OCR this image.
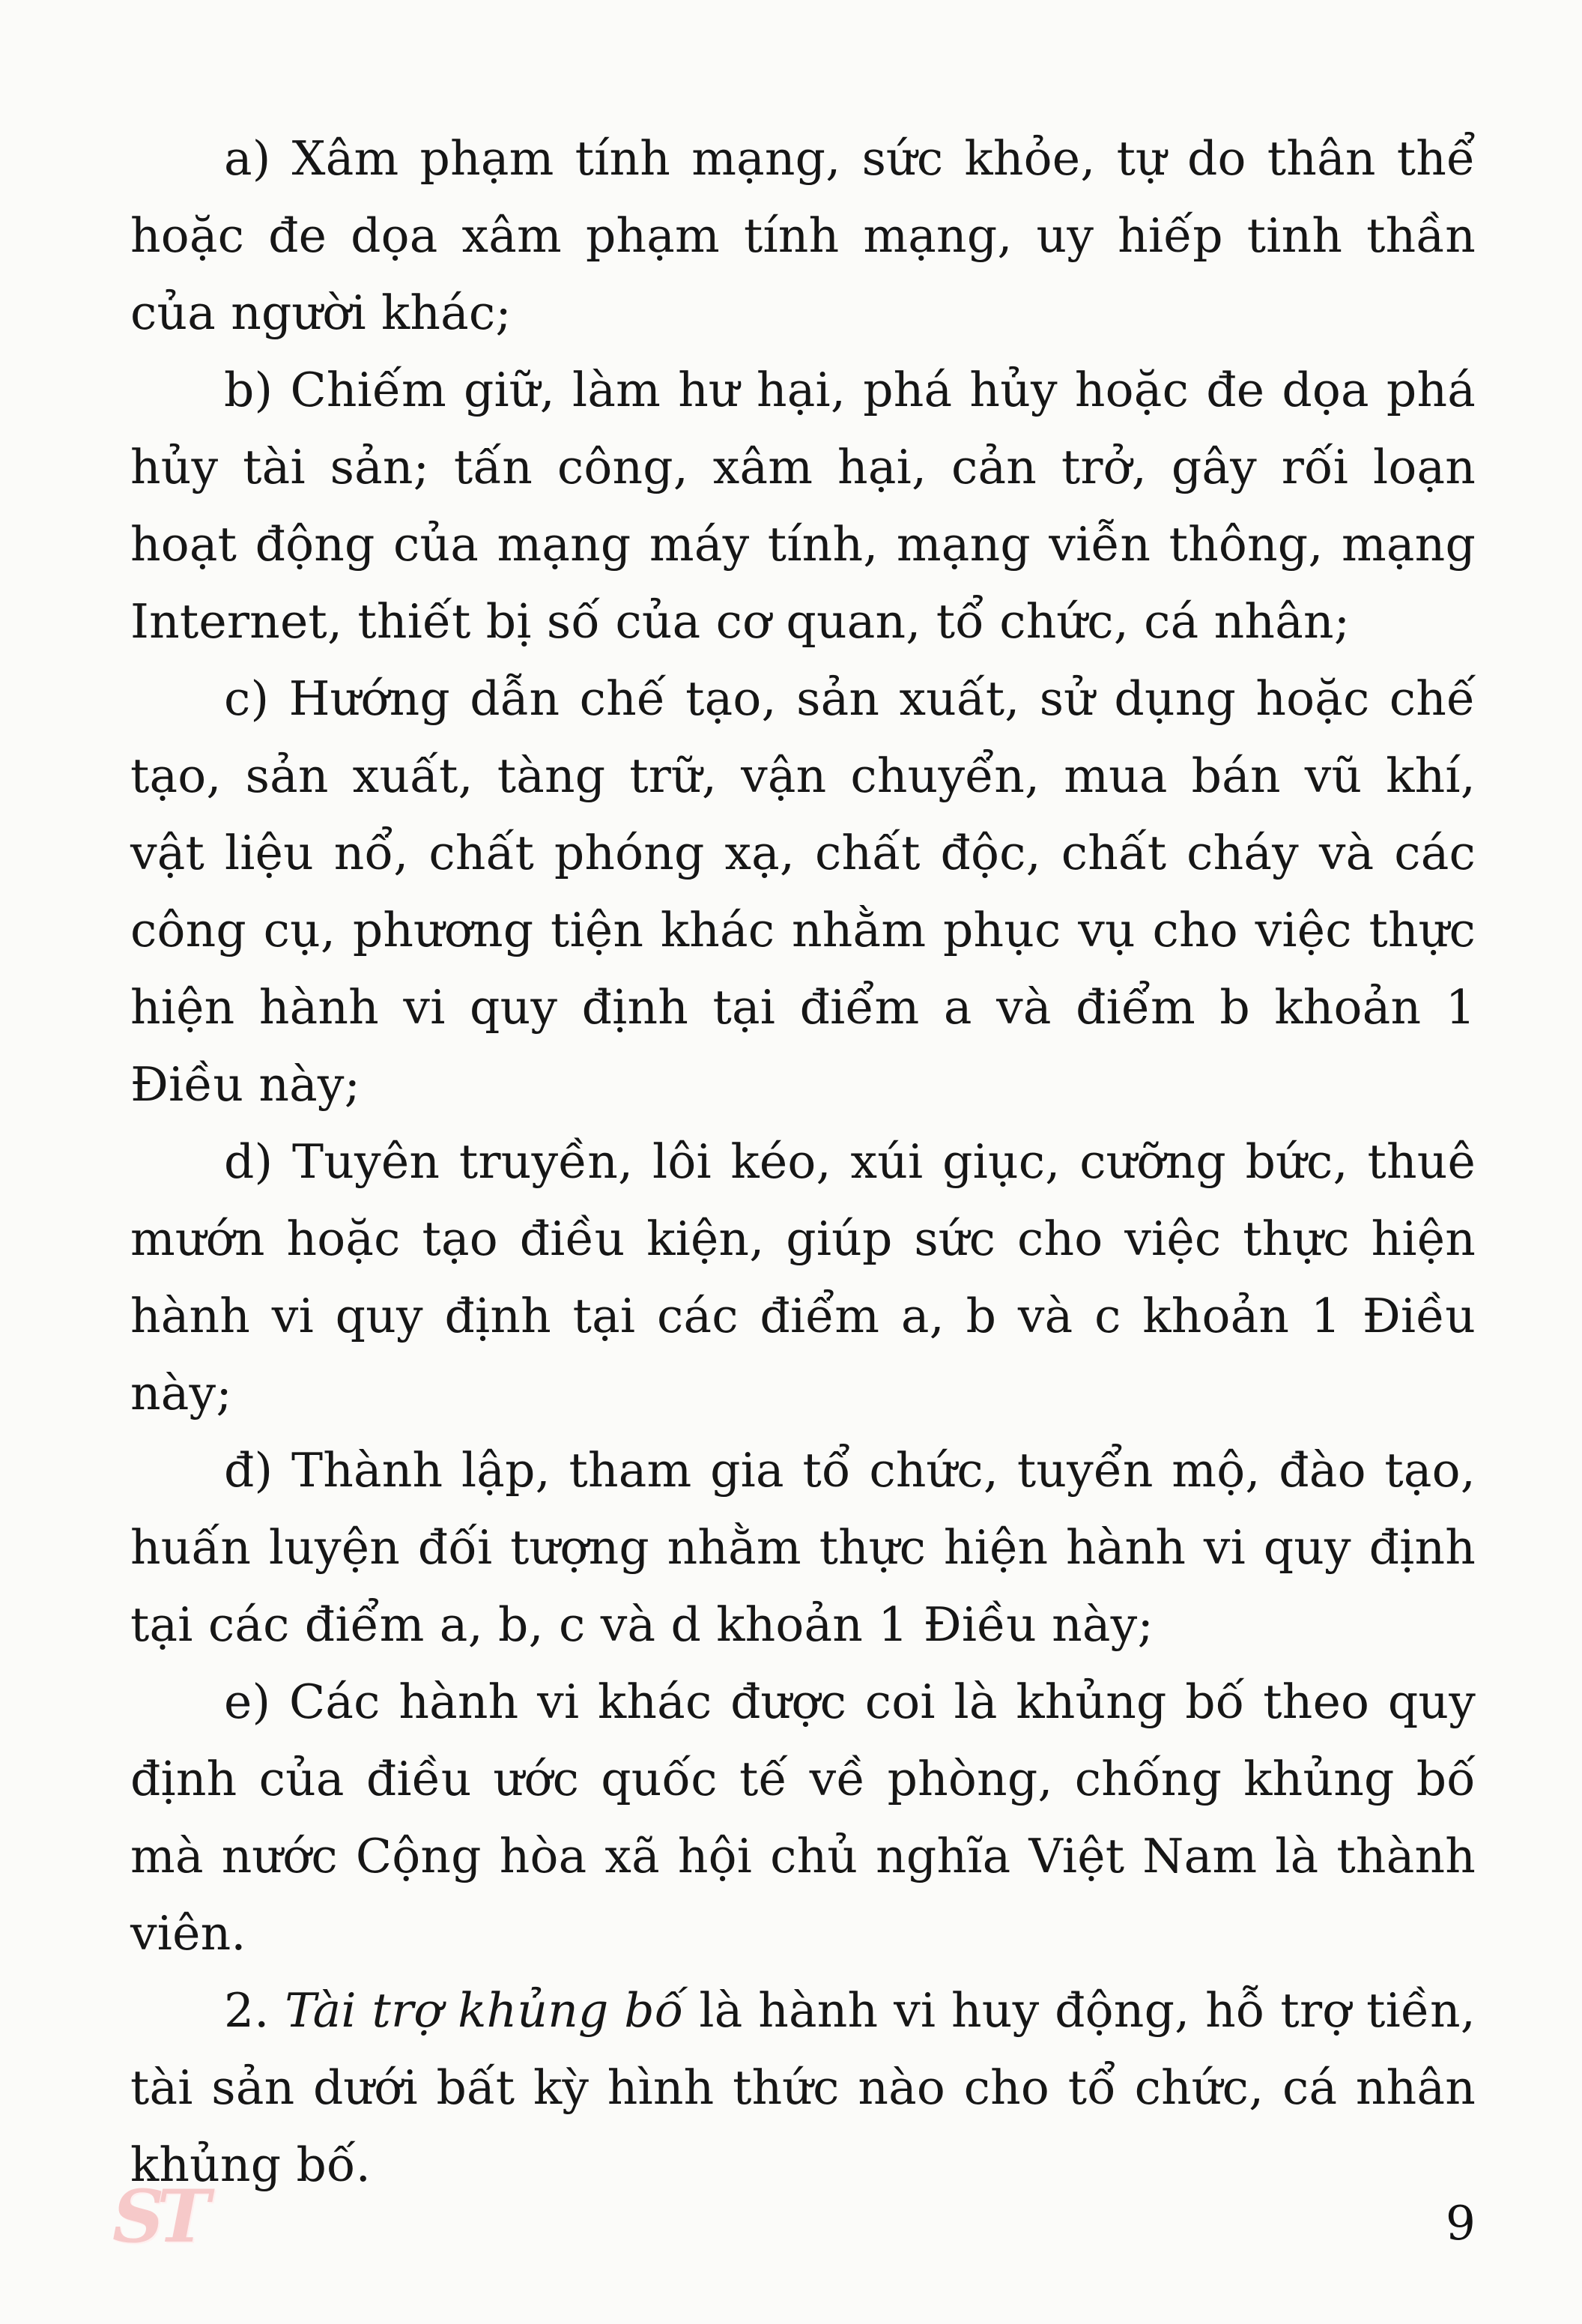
a) Xâm phạm tính mạng, sức khỏe, tự do thân thể hoặc đe dọa xâm phạm tính mạng, uy hiếp tinh thần của người khác;

b) Chiếm giữ, làm hư hại, phá hủy hoặc đe dọa phá hủy tài sản; tấn công, xâm hại, cản trở, gây rối loạn hoạt động của mạng máy tính, mạng viễn thông, mạng Internet, thiết bị số của cơ quan, tổ chức, cá nhân;

c) Hướng dẫn chế tạo, sản xuất, sử dụng hoặc chế tạo, sản xuất, tàng trữ, vận chuyển, mua bán vũ khí, vật liệu nổ, chất phóng xạ, chất độc, chất cháy và các công cụ, phương tiện khác nhằm phục vụ cho việc thực hiện hành vi quy định tại điểm a và điểm b khoản 1 Điều này;

d) Tuyên truyền, lôi kéo, xúi giục, cưỡng bức, thuê mướn hoặc tạo điều kiện, giúp sức cho việc thực hiện hành vi quy định tại các điểm a, b và c khoản 1 Điều này;

đ) Thành lập, tham gia tổ chức, tuyển mộ, đào tạo, huấn luyện đối tượng nhằm thực hiện hành vi quy định tại các điểm a, b, c và d khoản 1 Điều này;

e) Các hành vi khác được coi là khủng bố theo quy định của điều ước quốc tế về phòng, chống khủng bố mà nước Cộng hòa xã hội chủ nghĩa Việt Nam là thành viên.

2. Tài trợ khủng bố là hành vi huy động, hỗ trợ tiền, tài sản dưới bất kỳ hình thức nào cho tổ chức, cá nhân khủng bố.

ST	9
